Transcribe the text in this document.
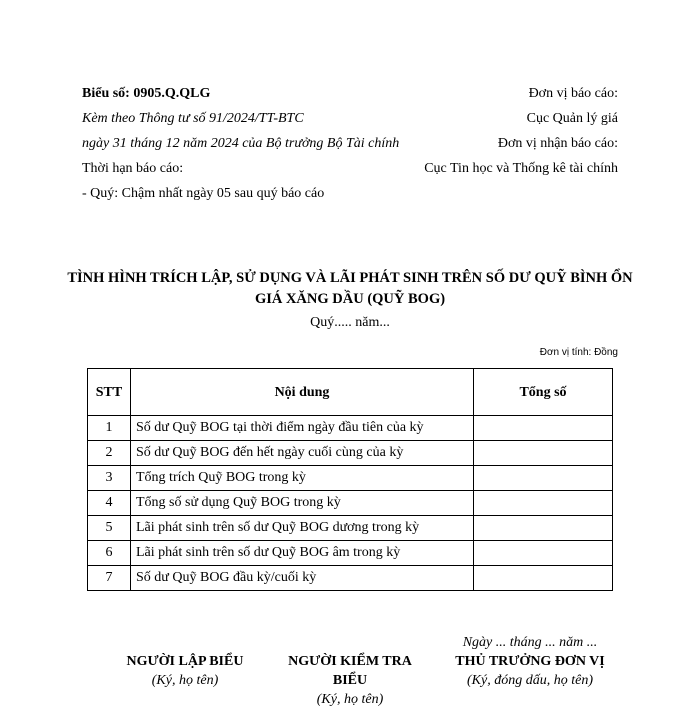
Biểu số: 0905.Q.QLG

Kèm theo Thông tư số 91/2024/TT-BTC

ngày 31 tháng 12 năm 2024 của Bộ trưởng Bộ Tài chính

Thời hạn báo cáo:

- Quý: Chậm nhất ngày 05 sau quý báo cáo

Đơn vị báo cáo:

Cục Quản lý giá

Đơn vị nhận báo cáo:

Cục Tin học và Thống kê tài chính

TÌNH HÌNH TRÍCH LẬP, SỬ DỤNG VÀ LÃI PHÁT SINH TRÊN SỐ DƯ QUỸ BÌNH ỔN GIÁ XĂNG DẦU (QUỸ BOG)
Quý..... năm...
Đơn vị tính: Đồng
STT	Nội dung	Tổng số
1	Số dư Quỹ BOG tại thời điểm ngày đầu tiên của kỳ	
2	Số dư Quỹ BOG đến hết ngày cuối cùng của kỳ	
3	Tổng trích Quỹ BOG trong kỳ	
4	Tổng số sử dụng Quỹ BOG trong kỳ	
5	Lãi phát sinh trên số dư Quỹ BOG dương trong kỳ	
6	Lãi phát sinh trên số dư Quỹ BOG âm trong kỳ	
7	Số dư Quỹ BOG đầu kỳ/cuối kỳ	
Ngày ... tháng ... năm ...
NGƯỜI LẬP BIỂU
(Ký, họ tên)
NGƯỜI KIỂM TRA BIỂU
(Ký, họ tên)
THỦ TRƯỞNG ĐƠN VỊ
(Ký, đóng dấu, họ tên)
